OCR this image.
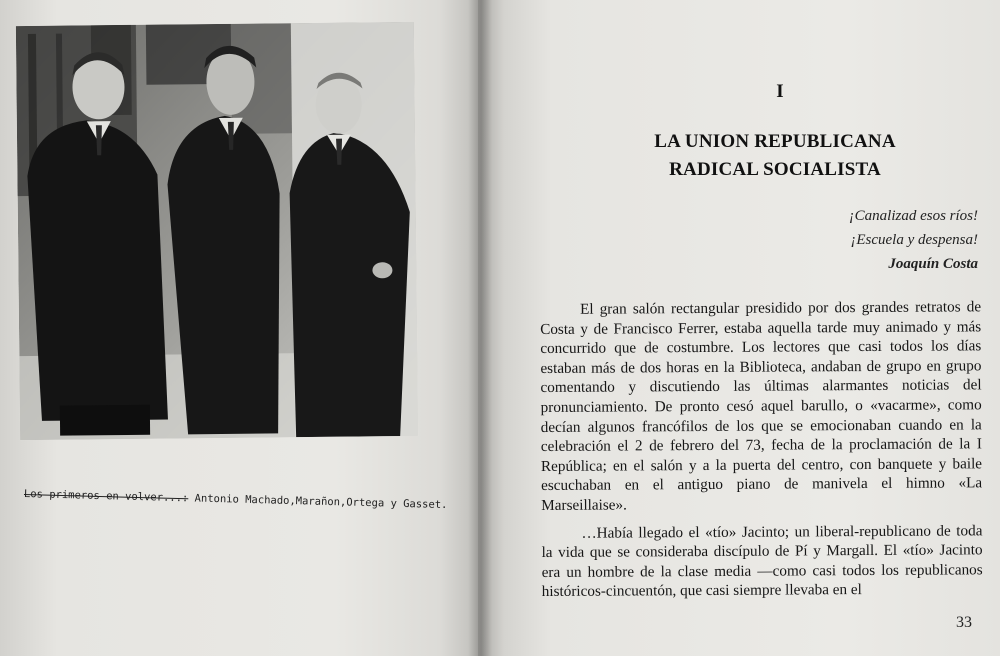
Los primeros en volver...: Antonio Machado,Marañon,Ortega y Gasset.
I
LA UNION REPUBLICANA
RADICAL SOCIALISTA
¡Canalizad esos ríos!
¡Escuela y despensa!
Joaquín Costa

El gran salón rectangular presidido por dos grandes retratos de Costa y de Francisco Ferrer, estaba aquella tarde muy animado y más concurrido que de costumbre. Los lectores que casi todos los días estaban más de dos horas en la Biblioteca, andaban de grupo en grupo comentando y discutiendo las últimas alarmantes noticias del pronunciamiento. De pronto cesó aquel barullo, o «vacarme», como decían algunos francófilos de los que se emocionaban cuando en la celebración el 2 de febrero del 73, fecha de la proclamación de la I República; en el salón y a la puerta del centro, con banquete y baile escuchaban en el antiguo piano de manivela el himno «La Marseillaise».

…Había llegado el «tío» Jacinto; un liberal-republicano de toda la vida que se consideraba discípulo de Pí y Margall. El «tío» Jacinto era un hombre de la clase media —como casi todos los republicanos históricos-cincuentón, que casi siempre llevaba en el

33
